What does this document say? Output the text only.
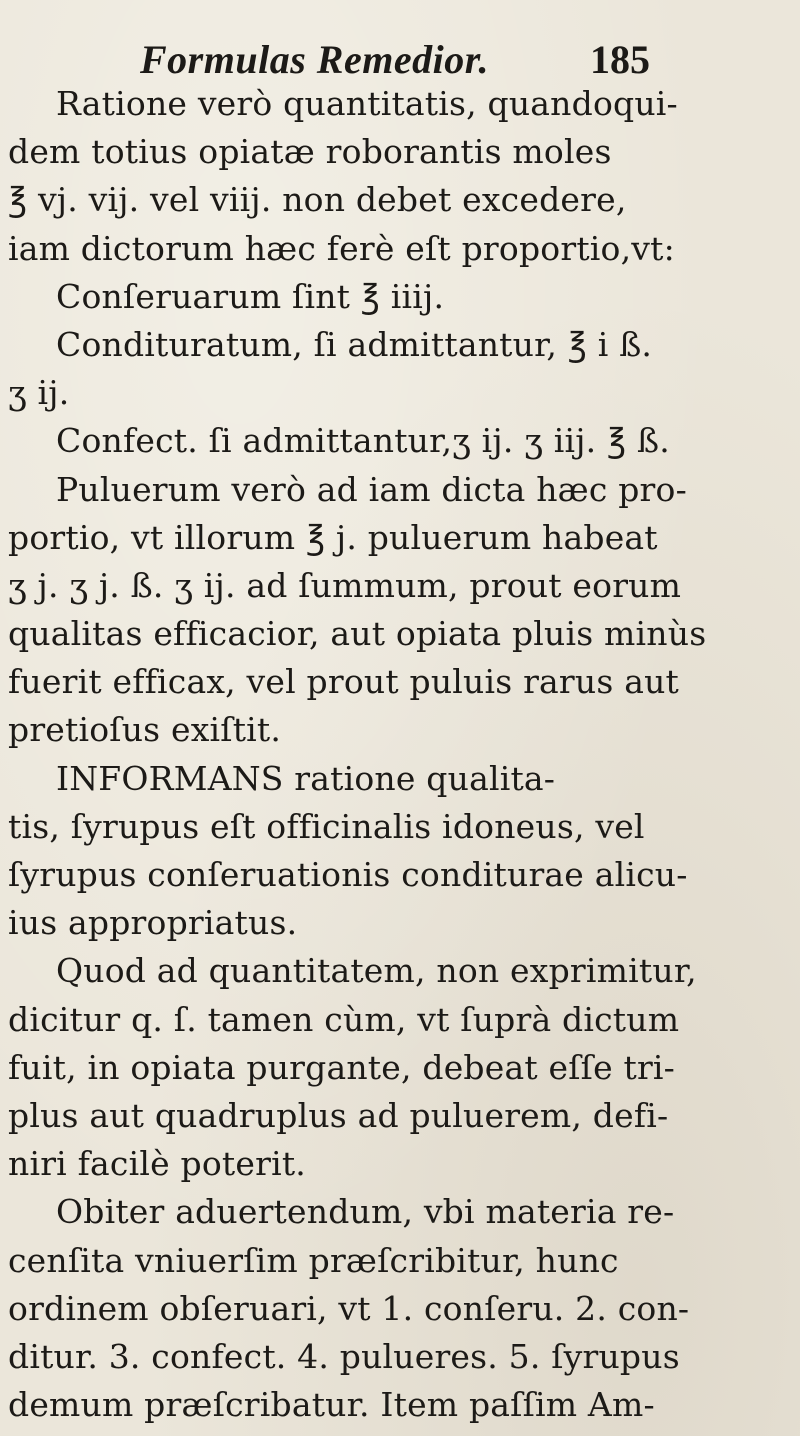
Formulas Remedior.	185
Ratione verò quantitatis, quandoqui-
dem totius opiatæ roborantis moles
℥ vj. vij. vel viij. non debet excedere,
iam dictorum hæc ferè eſt proportio,vt:
Conſeruarum ſint ℥ iiij.
Condituratum, ſi admittantur, ℥ i ß.
ʒ ij.
Confect. ſi admittantur,ʒ ij. ʒ iij. ℥ ß.
Puluerum verò ad iam dicta hæc pro-
portio, vt illorum ℥ j. puluerum habeat
ʒ j. ʒ j. ß. ʒ ij. ad ſummum, prout eorum
qualitas efficacior, aut opiata pluis minùs
fuerit efficax, vel prout puluis rarus aut
pretioſus exiſtit.
INFORMANS ratione qualita-
tis, ſyrupus eſt officinalis idoneus, vel
ſyrupus conſeruationis conditurae alicu-
ius appropriatus.
Quod ad quantitatem, non exprimitur,
dicitur q. ſ. tamen cùm, vt ſuprà dictum
fuit, in opiata purgante, debeat eſſe tri-
plus aut quadruplus ad puluerem, defi-
niri facilè poterit.
Obiter aduertendum, vbi materia re-
cenſita vniuerſim præſcribitur, hunc
ordinem obſeruari, vt 1. conſeru. 2. con-
ditur. 3. confect. 4. pulueres. 5. ſyrupus
demum præſcribatur. Item paſſim Am-
